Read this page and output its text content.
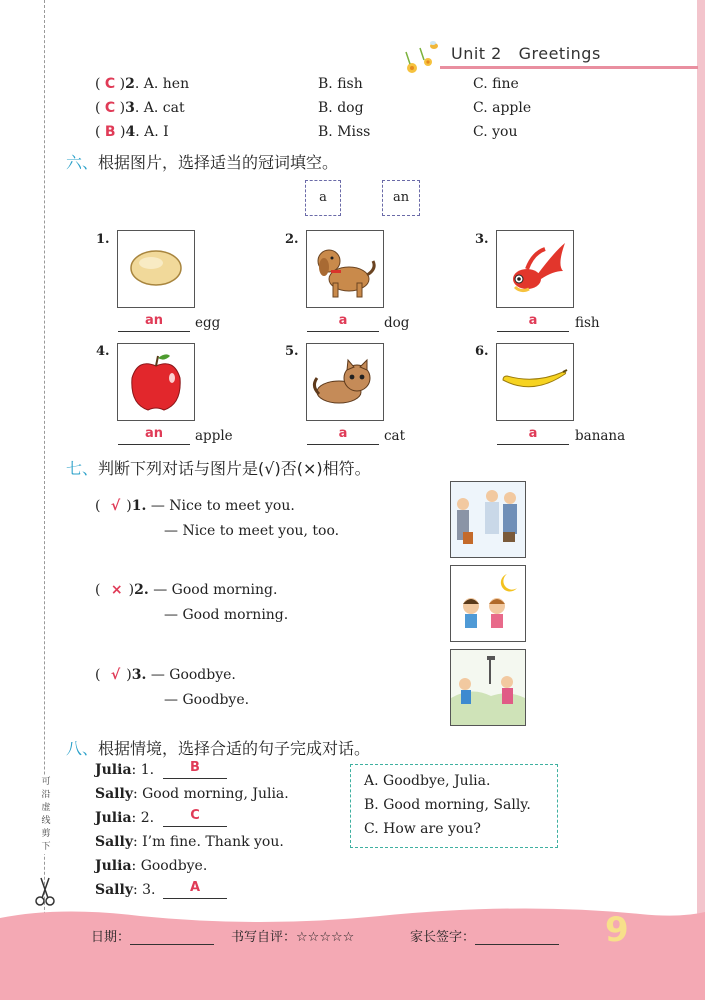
Unit 2 Greetings
( C )2. A. hen	B. fish	C. fine
( C )3. A. cat	B. dog	C. apple
( B )4. A. I	B. Miss	C. you
六、根据图片，选择适当的冠词填空。
a	an
1.
an	egg
2.
a	dog
3.
a	fish
4.
an	apple
5.
a	cat
6.
a	banana
七、判断下列对话与图片是(√)否(×)相符。
( √ )1. — Nice to meet you.
— Nice to meet you, too.
( × )2. — Good morning.
— Good morning.
( √ )3. — Goodbye.
— Goodbye.
八、根据情境，选择合适的句子完成对话。
Julia: 1.	B
Sally: Good morning, Julia.
Julia: 2.	C
Sally: I’m fine. Thank you.
Julia: Goodbye.
Sally: 3.	A
A. Goodbye, Julia.
B. Good morning, Sally.
C. How are you?
可沿虚线剪下
日期：	书写自评：☆☆☆☆☆	家长签字：	9
